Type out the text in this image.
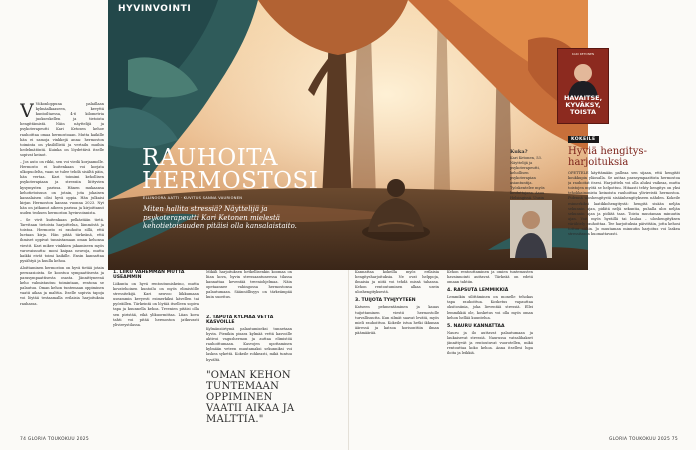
HYVINVOINTI
RAUHOITA
HERMOSTOSI
ELLINOORA AATTI · KUVITUS SANNA VAURIONEN
Miten hallita stressiä? Näyttelijä ja psykoterapeutti Kari Ketonen mielestä kehotietoisuuden pitäisi olla kansalaistaito.
V Viikonloppuna palaillaan kylmäalkaaseen, kevyttä kuntoiltaessa, 4-6 kilometria juokseskellen ja tietoista hengittämistä. Näin näyttelijä ja psykoterapeutti Kari Ketosen kehoe rauhoittaa omaa hermostoaan. Mutta kaikille hän ei samoja vinkkejä anna: hermoston toiminta on yksilöllistä ja vertailu muihin hedelmätöntä. Kuinka on löydettävä itselle sopivat keinot.

– Jos auto on rikki, sen voi viedä korjaamolle. Hermosto ei kuitenkaan voi korjata ulkopuolelta, vaan se tulee tehdä sisältä päin, hän vertaa. Kari toimimi kehollisen psykoterapiaan ja stressiin liittyvien kysymysten parissa. Hänen mukaansa kehotietoisuus on jotain, jota jokaisen kansalaisen olisi hyvä oppia. Hän julkaisi kirjan Hermoston kanssa vuonna 2023. Nyt hän on jatkanut aiheen parissa ja kirjoittanut uuden teoksen hermoston hyvinvoinnista.

– Se vivit kuitenkaan pelkästään tietä. Tarvitaan tietoista harjoittelua, lämmöstä ja toistoa. Hermosto ei rauhoitu sillä, että luetaan kirja. Hän pitää tärkeänä, että ihmiset oppivat tunnistamaan oman kehonsa viestit. Kari mikee vinkkien jakamiseen myös varovaisuutta: moni kaipaa neuvoja, mutta kaikki eivät toimi kaikille. Ensin kannattaa pysähtyä ja kuulla kehoa.

Aloittaminen hermoston on hyvä tietää jotain perusasioista. Se koostuu sympaattisesta ja parasympaattisesta osasta. Jännittyneenä keho valmistautuu toimintaan, rentona se palautuu. Oman kehon tuntemaan oppiminen vaatii aikaa ja malttia. Itselle sopivia tapoja voi löytää testaamalla erilaisia harjoituksia rauhassa.

1. LIIKU VÄHEMMÄN MUTTA USEAMMIN
Liikunta on hyvä rentoutumiskeino, mutta kovatehoinen kuntoilu on myös elimistölle stressitekijä. Kari neuvoo liikkumaan useammin kevyesti esimerkiksi kävellen tai pyöräillen. Tärkeintä on löytää itselleen sopiva tapa ja kuunnella kehoa. Treenien pitäisi olla sen piristää, eikä ylikuormittaa. Liian kova tahti voi pitää hermoston jatkuvasti ylivireystilassa.
"OMAN KEHON TUNTEMAAN OPPIMINEN VAATII AIKAA JA MALTTIA."
Mikäli harjoituksen hetkellisenkin koomaa on liian kova, hyvin stressaantuneessa tilassa kannattaa keventää treeniohjelmaa. Näin opetaannee vahingossa hermostonsa palautumaan. Säännöllisyys on tärkeämpää kuin suoritus.
2. TAPUTA KYLMÄÄ VETTÄ KASVOILLE
Kylmänsiirtymä palautumiseksi tunnetaan hyvin. Pienikin pisara kylmää vettä kasvoille aktivoi vagushermon ja auttaa elimistöä rauhoittumaan. Kasvojen upottaminen kylmään veteen muutamaksi sekunniksi voi laskea sykettä. Kokeile rohkeasti, mikä tuntuu hyvältä.
Kannattaa kokeilla myös erilaisia hengitysharjoituksia. Ne ovat helppoja, ilmaisia ja niitä voi tehdä missä tahansa. Kehon rentoutuminen alkaa usein uloshengityksestä.
3. TUIJOTA TYHJYYTEEN
Katseen pehmentäminen ja kauas tuijottaminen viestii hermostolle turvallisuutta. Kun silmät saavat levätä, myös mieli rauhoittuu. Kokeile istua hetki ikkunan ääressä ja katsoa horisonttiin ilman päämäärää.
Kehon rentouttaminen ja omien tuntemusten havainnointi auttavat. Tärkeää on edetä omaan tahtiin.
4. RAPSUTA LEMMIKKIÄ
Lemmikin silittäminen on monelle tehokas tapa rauhoittua. Kosketus vapauttaa oksitosiinia, joka lieventää stressiä. Ellei lemmikkiä ole, kosketus voi olla myös oman kehon hellää kuuntelua.
5. NAURU KANNATTAA
Nauru ja ilo auttavat palautumaan ja laukaisevat stressiä. Naurussa vatsalihakset jännittyvät ja rentoutuvat vuorotellen, mikä rentouttaa koko kehoa. Anna itsellesi lupa iloita ja leikkiä.
Kuka?
Kari Ketonen, 53. Näyttelijä ja psykoterapeutti, kehollisen psykoterapian asiantuntija. Työskentelee myös kouluttajana. Asuu Helsingissä. Uusin
KARI KETONEN
HAVAITSE, KYVÄKSY, TOISTA
KOKEILE
Hyviä hengitysharjoituksia
OPETTELE käyttämään palleaa sen sijaan, että hengität koukkupin yläosalla. Se auttaa parasympaattista hermostoa ja rauhoitat itsesi. Harjoittelu voi olla aluksi vaikeaa, mutta toistojen myötä se helpottuu. Hitaasti tehty hengitys on yksi tehokkaimmista keinoista rauhoittaa ylivireistä hermostoa. Pidennä uloshengitystä sisäänhengitykseen nähden. Kokeile esimerkiksi laatikkohengitystä: hengitä sisään neljän sekunnin ajan, pidätä neljä sekuntia, puhalla ulos neljän sekunnin ajan ja pidätä taas. Toista muutaman minuutin ajan. Voit myös hyräillä tai laulaa – uloshengityksen värähtely rauhoittaa. Tee harjoituksia päivittäin, jotta kehosi tottuu niihin. Jo muutaman minuutin harjoitus voi laskea stressitasoa huomattavasti.
74 GLORIA TOUKOKUU 2025	GLORIA TOUKOKUU 2025 75
